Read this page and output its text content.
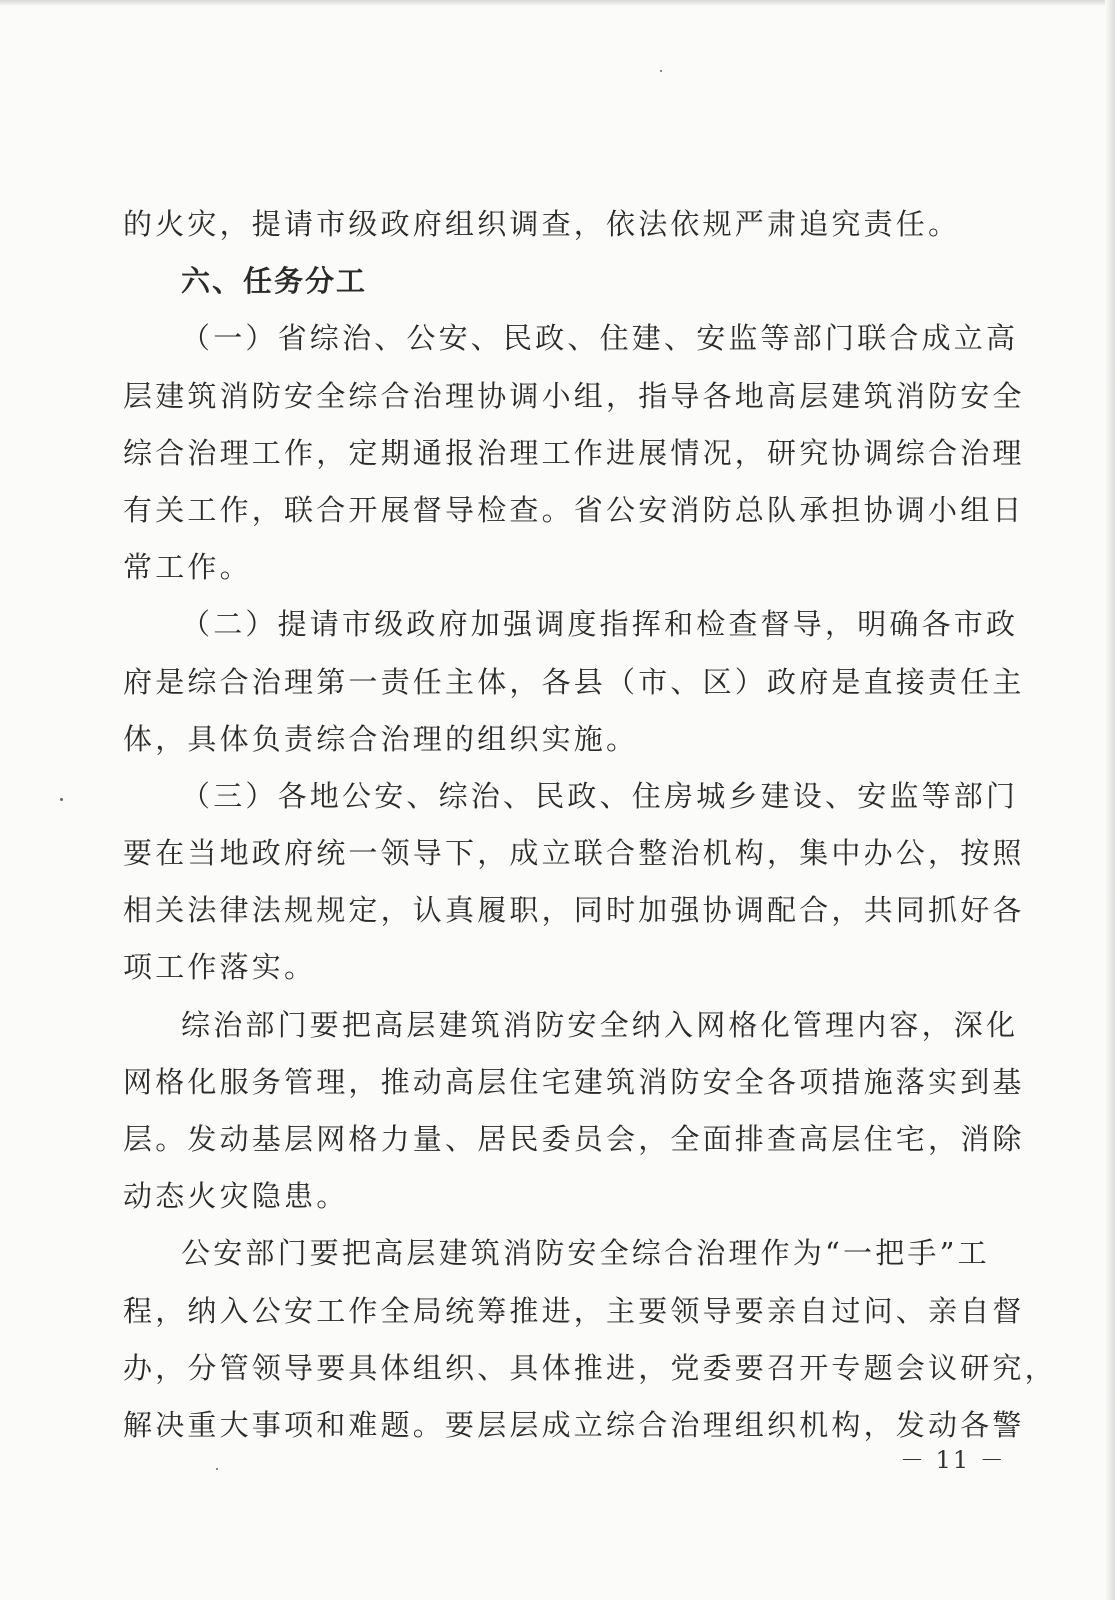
的火灾，提请市级政府组织调查，依法依规严肃追究责任。

六、任务分工

（一）省综治、公安、民政、住建、安监等部门联合成立高

层建筑消防安全综合治理协调小组，指导各地高层建筑消防安全

综合治理工作，定期通报治理工作进展情况，研究协调综合治理

有关工作，联合开展督导检查。省公安消防总队承担协调小组日

常工作。

（二）提请市级政府加强调度指挥和检查督导，明确各市政

府是综合治理第一责任主体，各县（市、区）政府是直接责任主

体，具体负责综合治理的组织实施。

（三）各地公安、综治、民政、住房城乡建设、安监等部门

要在当地政府统一领导下，成立联合整治机构，集中办公，按照

相关法律法规规定，认真履职，同时加强协调配合，共同抓好各

项工作落实。

综治部门要把高层建筑消防安全纳入网格化管理内容，深化

网格化服务管理，推动高层住宅建筑消防安全各项措施落实到基

层。发动基层网格力量、居民委员会，全面排查高层住宅，消除

动态火灾隐患。

公安部门要把高层建筑消防安全综合治理作为“一把手”工

程，纳入公安工作全局统筹推进，主要领导要亲自过问、亲自督

办，分管领导要具体组织、具体推进，党委要召开专题会议研究，

解决重大事项和难题。要层层成立综合治理组织机构，发动各警

－ 11 －
